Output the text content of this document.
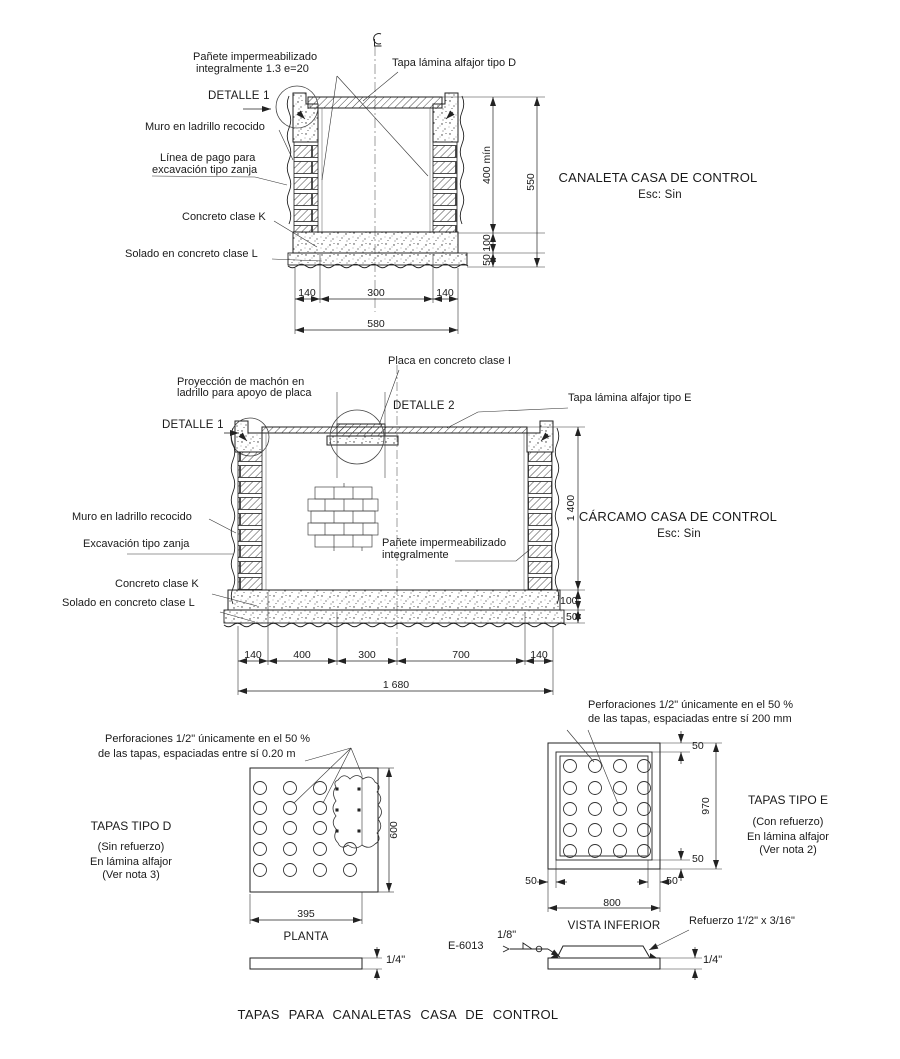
Pañete impermeabilizado
integralmente 1.3 e=20
DETALLE 1
Muro en ladrillo recocido
Línea de pago para
excavación tipo zanja
Concreto clase K
Solado en concreto clase L
Tapa lámina alfajor tipo D
CANALETA CASA DE CONTROL
Esc: Sin
140	300	140
580
400 mín
100
50
550
Placa en concreto clase I
Proyección de machón en
ladrillo para apoyo de placa
DETALLE 2
DETALLE 1
Tapa lámina alfajor tipo E
Muro en ladrillo recocido
Excavación tipo zanja
Concreto clase K
Solado en concreto clase L
Pañete impermeabilizado
integralmente
CÁRCAMO CASA DE CONTROL
Esc: Sin
140	400	300	700	140
1 680
1 400
100
50
Perforaciones 1/2" únicamente en el 50 %
de las tapas, espaciadas entre sí 0.20 m
TAPAS TIPO D
(Sin refuerzo)
En lámina alfajor
(Ver nota 3)
600
395
PLANTA
1/4"
Perforaciones 1/2" únicamente en el 50 %
de las tapas, espaciadas entre sí 200 mm
TAPAS TIPO E
(Con refuerzo)
En lámina alfajor
(Ver nota 2)
50
970
50
50	50
800
VISTA INFERIOR
E-6013
1/8"
1/4"
Refuerzo 1'/2" x 3/16"
TAPAS PARA CANALETAS CASA DE CONTROL
